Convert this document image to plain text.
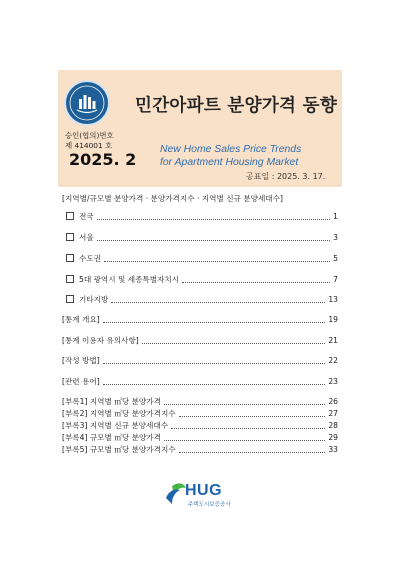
승인(협의)번호
제 414001 호
민간아파트 분양가격 동향
2025. 2
New Home Sales Price Trends
for Apartment Housing Market
공표일 : 2025. 3. 17.
[지역별/규모별 분양가격 · 분양가격지수 · 지역별 신규 분양세대수]
전국	1
서울	3
수도권	5
5대 광역시 및 세종특별자치시	7
기타지방	13
[통계 개요]	19
[통계 이용자 유의사항]	21
[작성 방법]	22
[관련 용어]	23
[부록1] 지역별 ㎡당 분양가격	26
[부록2] 지역별 ㎡당 분양가격지수	27
[부록3] 지역별 신규 분양세대수	28
[부록4] 규모별 ㎡당 분양가격	29
[부록5] 규모별 ㎡당 분양가격지수	33
HUG
주택도시보증공사
